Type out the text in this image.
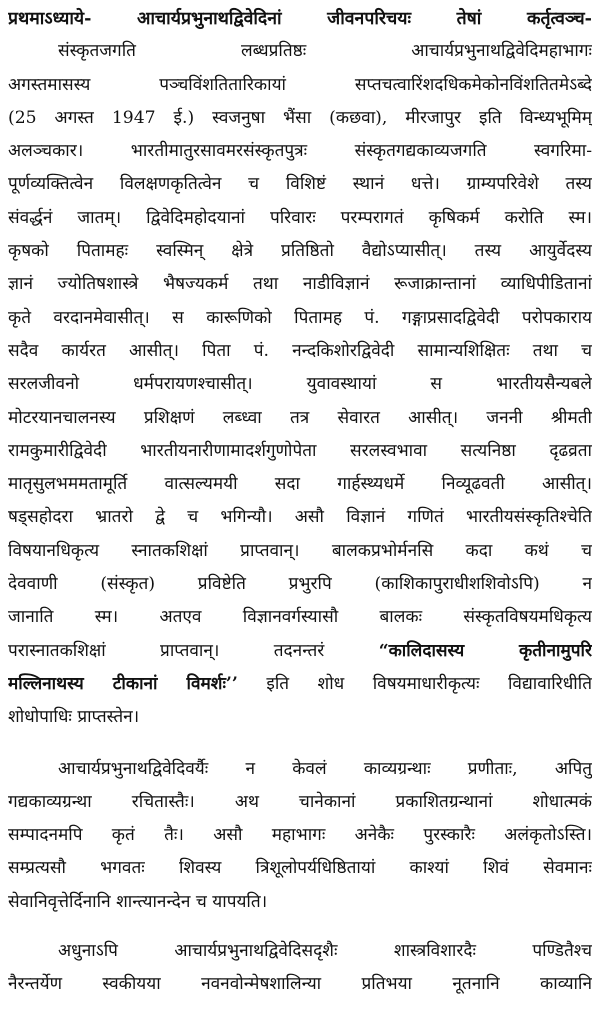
प्रथमाऽध्याये- आचार्यप्रभुनाथद्विवेदिनां जीवनपरिचयः तेषां कर्तृत्वञ्च-
संस्कृतजगति लब्धप्रतिष्ठः आचार्यप्रभुनाथद्विवेदिमहाभागः
अगस्तमासस्य पञ्चविंशतितारिकायां सप्तचत्वारिंशदधिकमेकोनविंशतितमेऽब्दे
(25 अगस्त 1947 ई.) स्वजनुषा भैंसा (कछवा), मीरजापुर इति विन्ध्यभूमिम्
अलञ्चकार। भारतीमातुरसावमरसंस्कृतपुत्रः संस्कृतगद्यकाव्यजगति स्वगरिमा-
पूर्णव्यक्तित्वेन विलक्षणकृतित्वेन च विशिष्टं स्थानं धत्ते। ग्राम्यपरिवेशे तस्य
संवर्द्धनं जातम्। द्विवेदिमहोदयानां परिवारः परम्परागतं कृषिकर्म करोति स्म।
कृषको पितामहः स्वस्मिन् क्षेत्रे प्रतिष्ठितो वैद्योऽप्यासीत्। तस्य आयुर्वेदस्य
ज्ञानं ज्योतिषशास्त्रे भैषज्यकर्म तथा नाडीविज्ञानं रूजाक्रान्तानां व्याधिपीडितानां
कृते वरदानमेवासीत्। स कारूणिको पितामह पं. गङ्गाप्रसादद्विवेदी परोपकाराय
सदैव कार्यरत आसीत्। पिता पं. नन्दकिशोरद्विवेदी सामान्यशिक्षितः तथा च
सरलजीवनो धर्मपरायणश्चासीत्। युवावस्थायां स भारतीयसैन्यबले
मोटरयानचालनस्य प्रशिक्षणं लब्ध्वा तत्र सेवारत आसीत्। जननी श्रीमती
रामकुमारीद्विवेदी भारतीयनारीणामादर्शगुणोपेता सरलस्वभावा सत्यनिष्ठा दृढव्रता
मातृसुलभममतामूर्ति वात्सल्यमयी सदा गार्हस्थ्यधर्मे निव्यूढवती आसीत्।
षड्सहोदरा भ्रातरो द्वे च भगिन्यौ। असौ विज्ञानं गणितं भारतीयसंस्कृतिश्चेति
विषयानधिकृत्य स्नातकशिक्षां प्राप्तवान्। बालकप्रभोर्मनसि कदा कथं च
देववाणी (संस्कृत) प्रविष्टेति प्रभुरपि (काशिकापुराधीशशिवोऽपि) न
जानाति स्म। अतएव विज्ञानवर्गस्यासौ बालकः संस्कृतविषयमधिकृत्य
परास्नातकशिक्षां प्राप्तवान्। तदनन्तरं	“कालिदासस्य कृतीनामुपरि
मल्लिनाथस्य टीकानां विमर्शः’’ इति शोध विषयमाधारीकृत्यः विद्यावारिधीति
शोधोपाधिः प्राप्तस्तेन।
आचार्यप्रभुनाथद्विवेदिवर्यैः न केवलं काव्यग्रन्थाः प्रणीताः, अपितु
गद्यकाव्यग्रन्था रचितास्तैः। अथ चानेकानां प्रकाशितग्रन्थानां शोधात्मकं
सम्पादनमपि कृतं तैः। असौ महाभागः अनेकैः पुरस्कारैः अलंकृतोऽस्ति।
सम्प्रत्यसौ भगवतः शिवस्य त्रिशूलोपर्यधिष्ठितायां काश्यां शिवं सेवमानः
सेवानिवृत्तेर्दिनानि शान्त्यानन्देन च यापयति।
अधुनाऽपि आचार्यप्रभुनाथद्विवेदिसदृशैः शास्त्रविशारदैः पण्डितैश्च
नैरन्तर्येण स्वकीयया नवनवोन्मेषशालिन्या प्रतिभया नूतनानि काव्यानि
